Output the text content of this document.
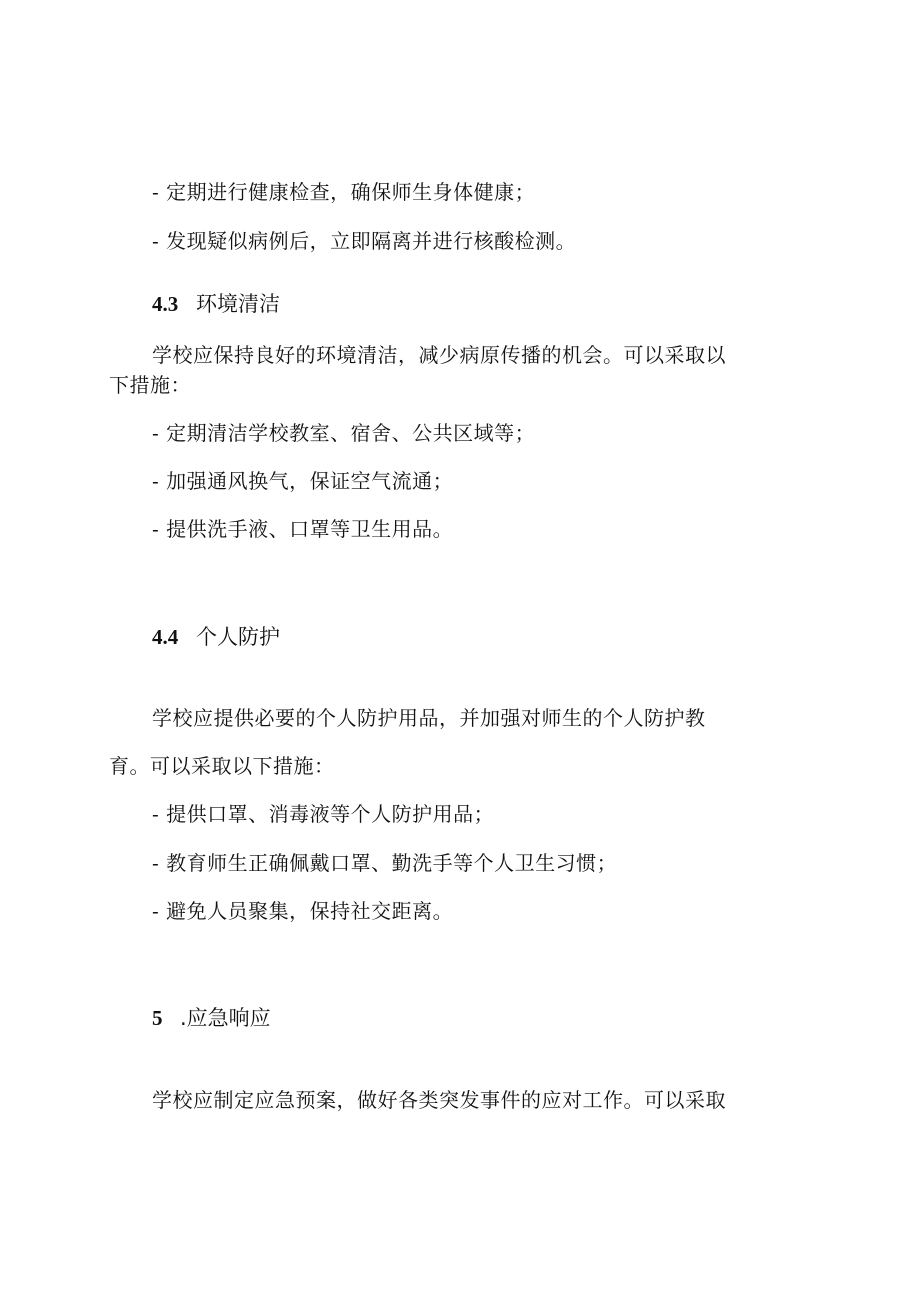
- 定期进行健康检查，确保师生身体健康；
- 发现疑似病例后，立即隔离并进行核酸检测。
4.3 环境清洁
学校应保持良好的环境清洁，减少病原传播的机会。可以采取以
下措施：
- 定期清洁学校教室、宿舍、公共区域等；
- 加强通风换气，保证空气流通；
- 提供洗手液、口罩等卫生用品。
4.4 个人防护
学校应提供必要的个人防护用品，并加强对师生的个人防护教
育。可以采取以下措施：
- 提供口罩、消毒液等个人防护用品；
- 教育师生正确佩戴口罩、勤洗手等个人卫生习惯；
- 避免人员聚集，保持社交距离。
5 .应急响应
学校应制定应急预案，做好各类突发事件的应对工作。可以采取
